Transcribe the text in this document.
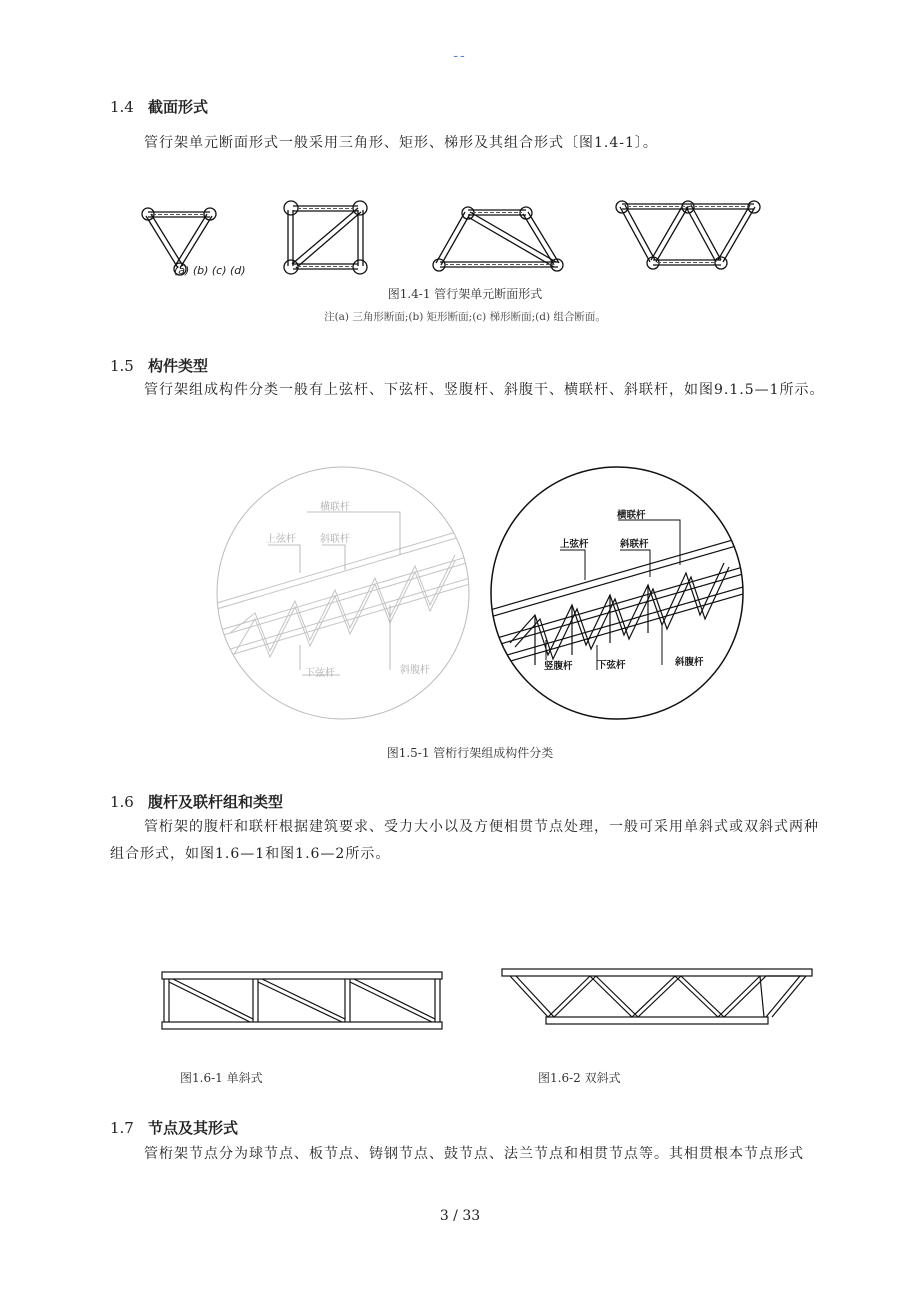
--
1.4 截面形式
管行架单元断面形式一般采用三角形、矩形、梯形及其组合形式〔图1.4-1〕。
(a) (b) (c) (d)
图1.4-1 管行架单元断面形式
注(a) 三角形断面;(b) 矩形断面;(c) 梯形断面;(d) 组合断面。
1.5 构件类型
管行架组成构件分类一般有上弦杆、下弦杆、竖腹杆、斜腹干、横联杆、斜联杆，如图9.1.5—1所示。
横联杆
上弦杆 斜联杆
下弦杆	斜腹杆
横联杆
上弦杆	斜联杆
竖腹杆	下弦杆	斜腹杆
图1.5-1 管桁行架组成构件分类
1.6 腹杆及联杆组和类型
管桁架的腹杆和联杆根据建筑要求、受力大小以及方便相贯节点处理，一般可采用单斜式或双斜式两种组合形式，如图1.6—1和图1.6—2所示。
图1.6-1 单斜式	图1.6-2 双斜式
1.7 节点及其形式
管桁架节点分为球节点、板节点、铸钢节点、鼓节点、法兰节点和相贯节点等。其相贯根本节点形式
3 / 33
